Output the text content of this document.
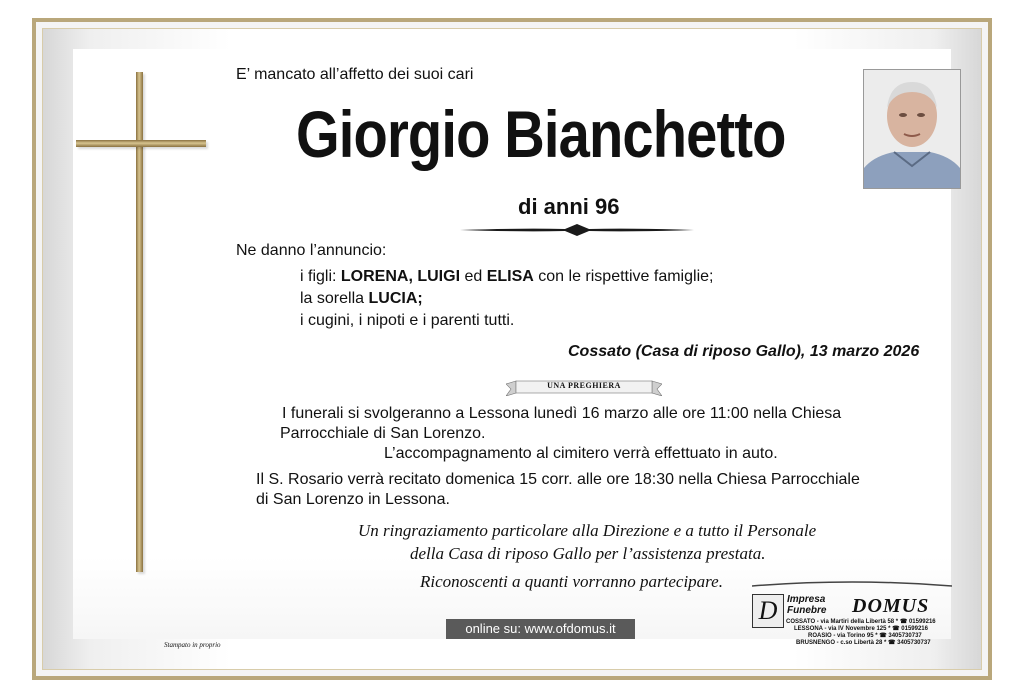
E’ mancato all’affetto dei suoi cari
Giorgio Bianchetto
di anni 96
Ne danno l’annuncio:
i figli: LORENA, LUIGI ed ELISA con le rispettive famiglie;
la sorella LUCIA;
i cugini, i nipoti e i parenti tutti.
Cossato (Casa di riposo Gallo), 13 marzo 2026
UNA PREGHIERA
I funerali si svolgeranno a Lessona lunedì 16 marzo alle ore 11:00 nella Chiesa
Parrocchiale di San Lorenzo.
L’accompagnamento al cimitero verrà effettuato in auto.
Il S. Rosario verrà recitato domenica 15 corr. alle ore 18:30 nella Chiesa Parrocchiale
di San Lorenzo in Lessona.
Un ringraziamento particolare alla Direzione e a tutto il Personale
della Casa di riposo Gallo per l’assistenza prestata.
Riconoscenti a quanti vorranno partecipare.
online su: www.ofdomus.it
Stampato in proprio
D Impresa
Funebre DOMUS
COSSATO - via Martiri della Libertà 58 * ☎ 01599216
LESSONA - via IV Novembre 125 * ☎ 01599216
ROASIO - via Torino 95 * ☎ 3405730737
BRUSNENGO - c.so Libertà 28 * ☎ 3405730737
